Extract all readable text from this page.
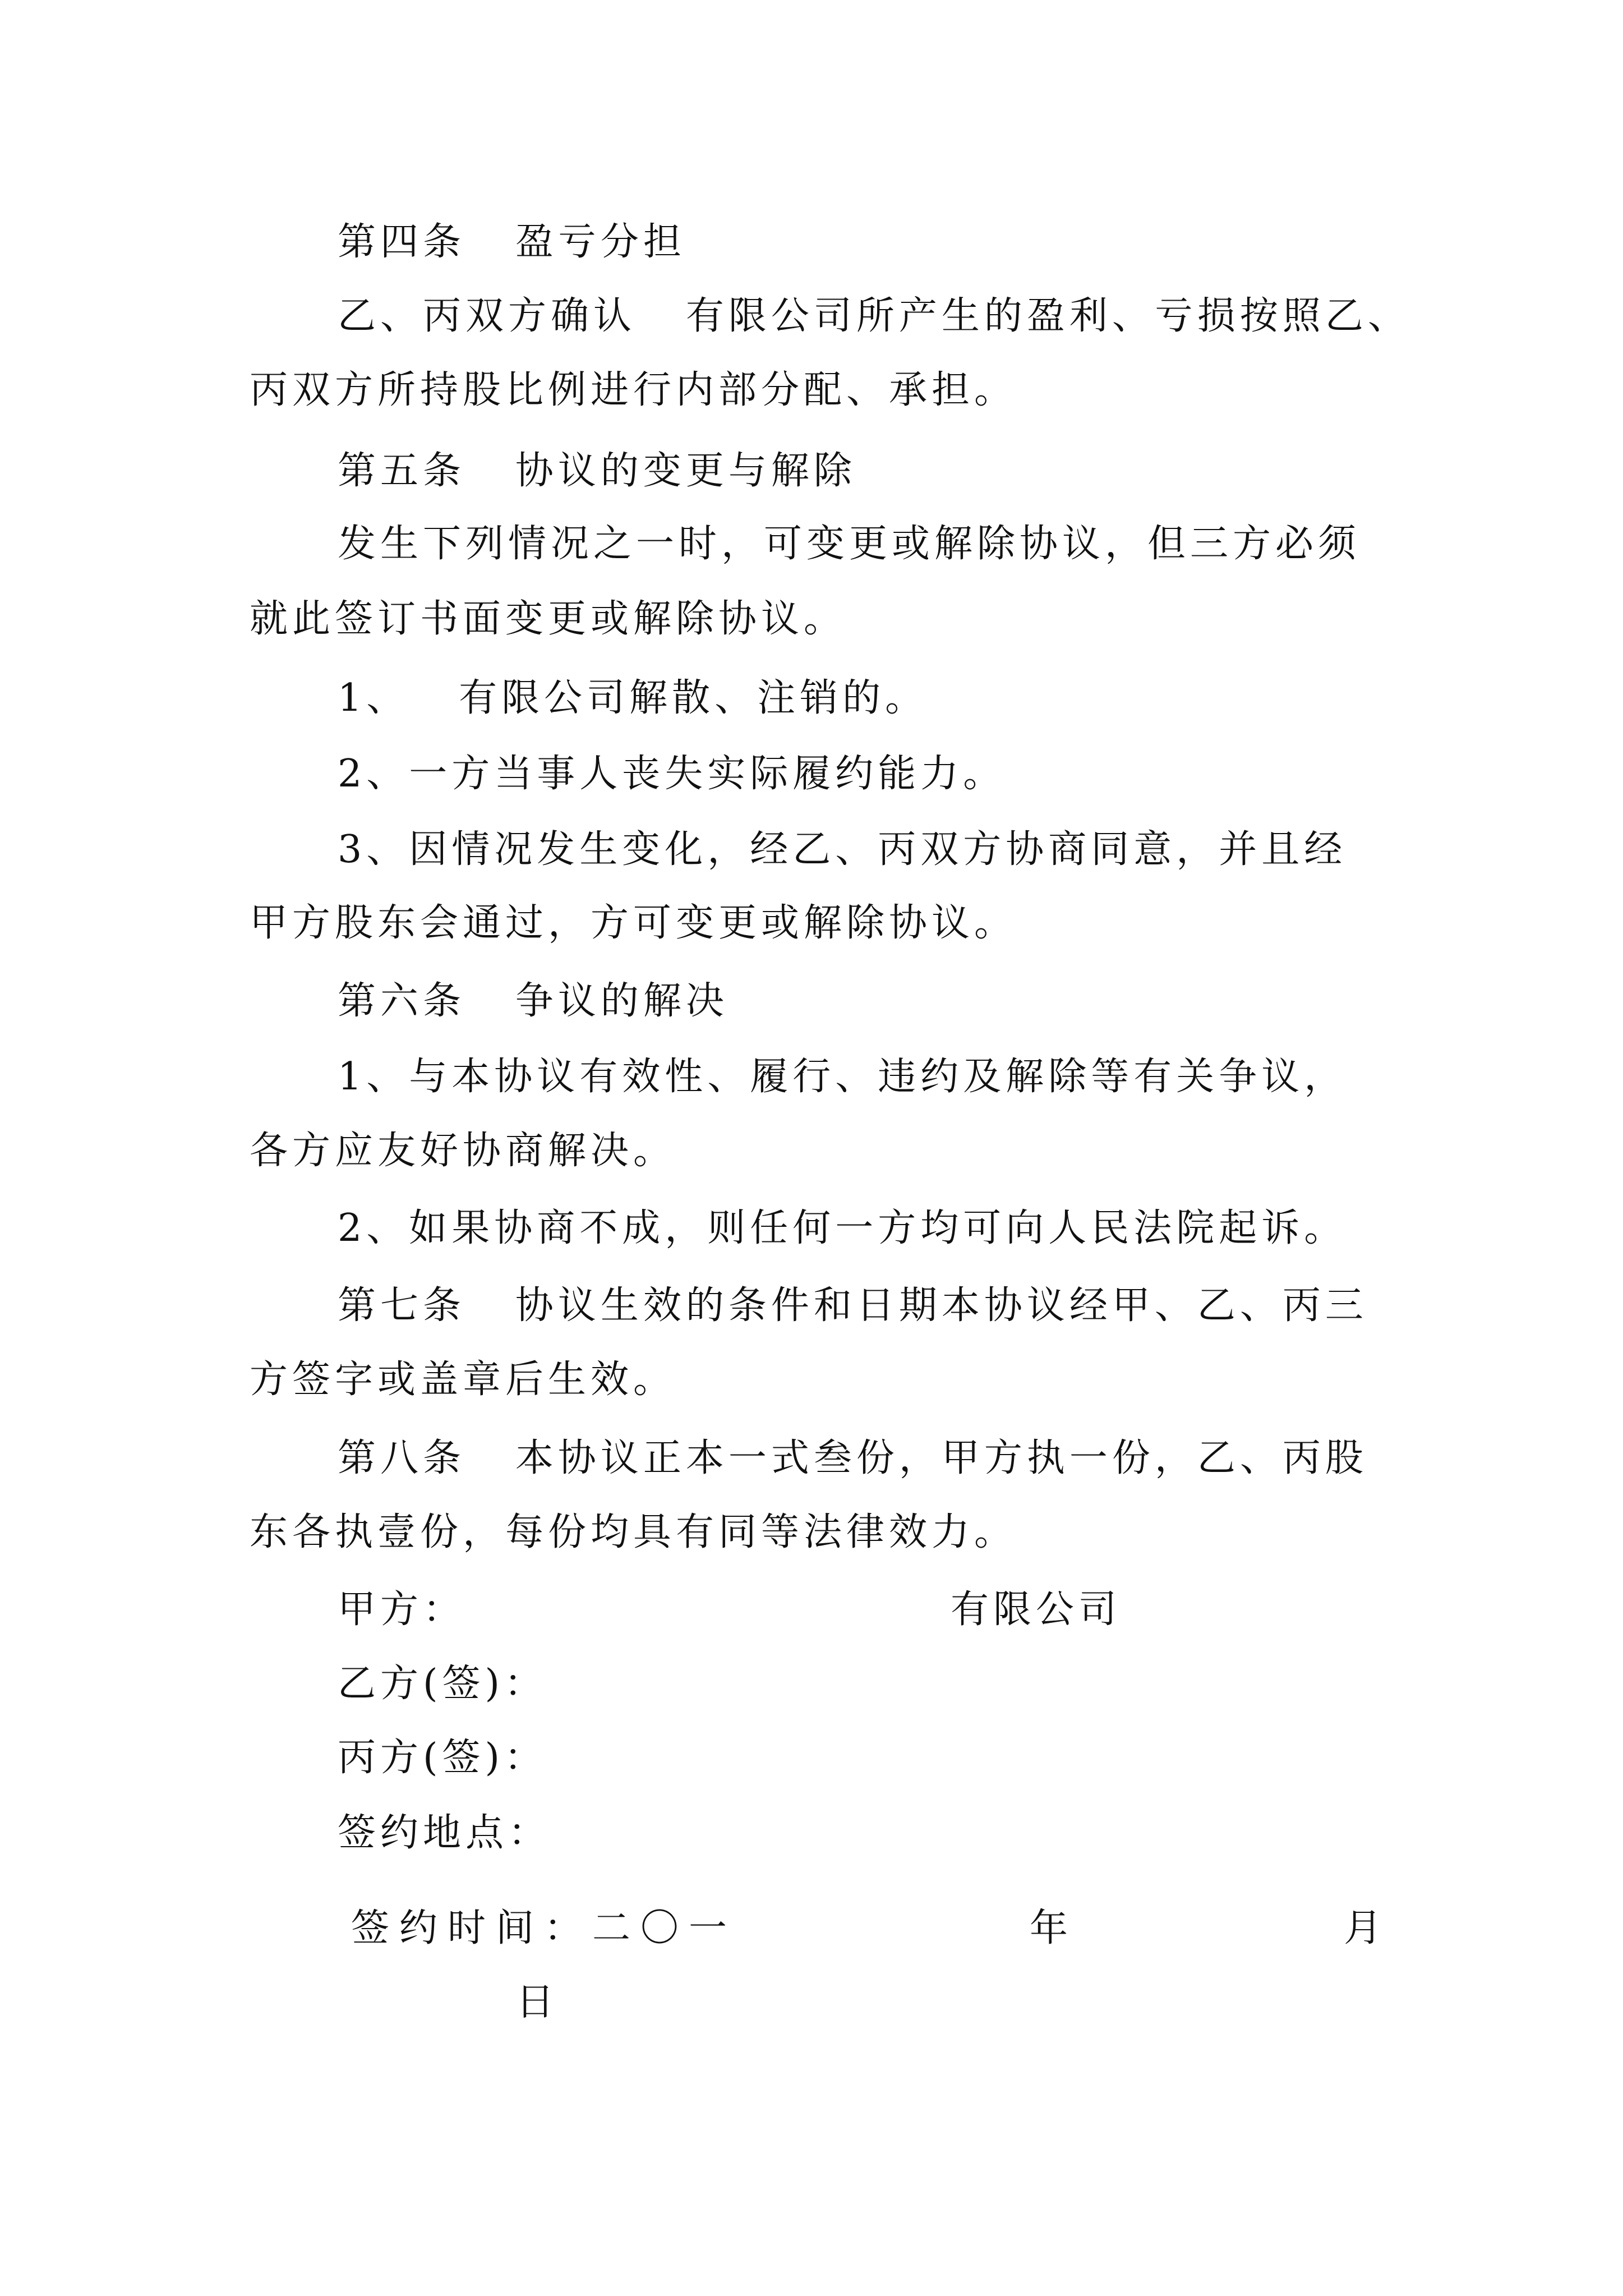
第四条   盈亏分担
乙、丙双方确认   有限公司所产生的盈利、亏损按照乙、
丙双方所持股比例进行内部分配、承担。
第五条   协议的变更与解除
发生下列情况之一时，可变更或解除协议，但三方必须
就此签订书面变更或解除协议。
1、   有限公司解散、注销的。
2、一方当事人丧失实际履约能力。
3、因情况发生变化，经乙、丙双方协商同意，并且经
甲方股东会通过，方可变更或解除协议。
第六条   争议的解决
1、与本协议有效性、履行、违约及解除等有关争议，
各方应友好协商解决。
2、如果协商不成，则任何一方均可向人民法院起诉。
第七条   协议生效的条件和日期本协议经甲、乙、丙三
方签字或盖章后生效。
第八条   本协议正本一式叁份，甲方执一份，乙、丙股
东各执壹份，每份均具有同等法律效力。
甲方：	有限公司
乙方(签)：
丙方(签)：
签约地点：
签约时间：二〇一	年	月
日
